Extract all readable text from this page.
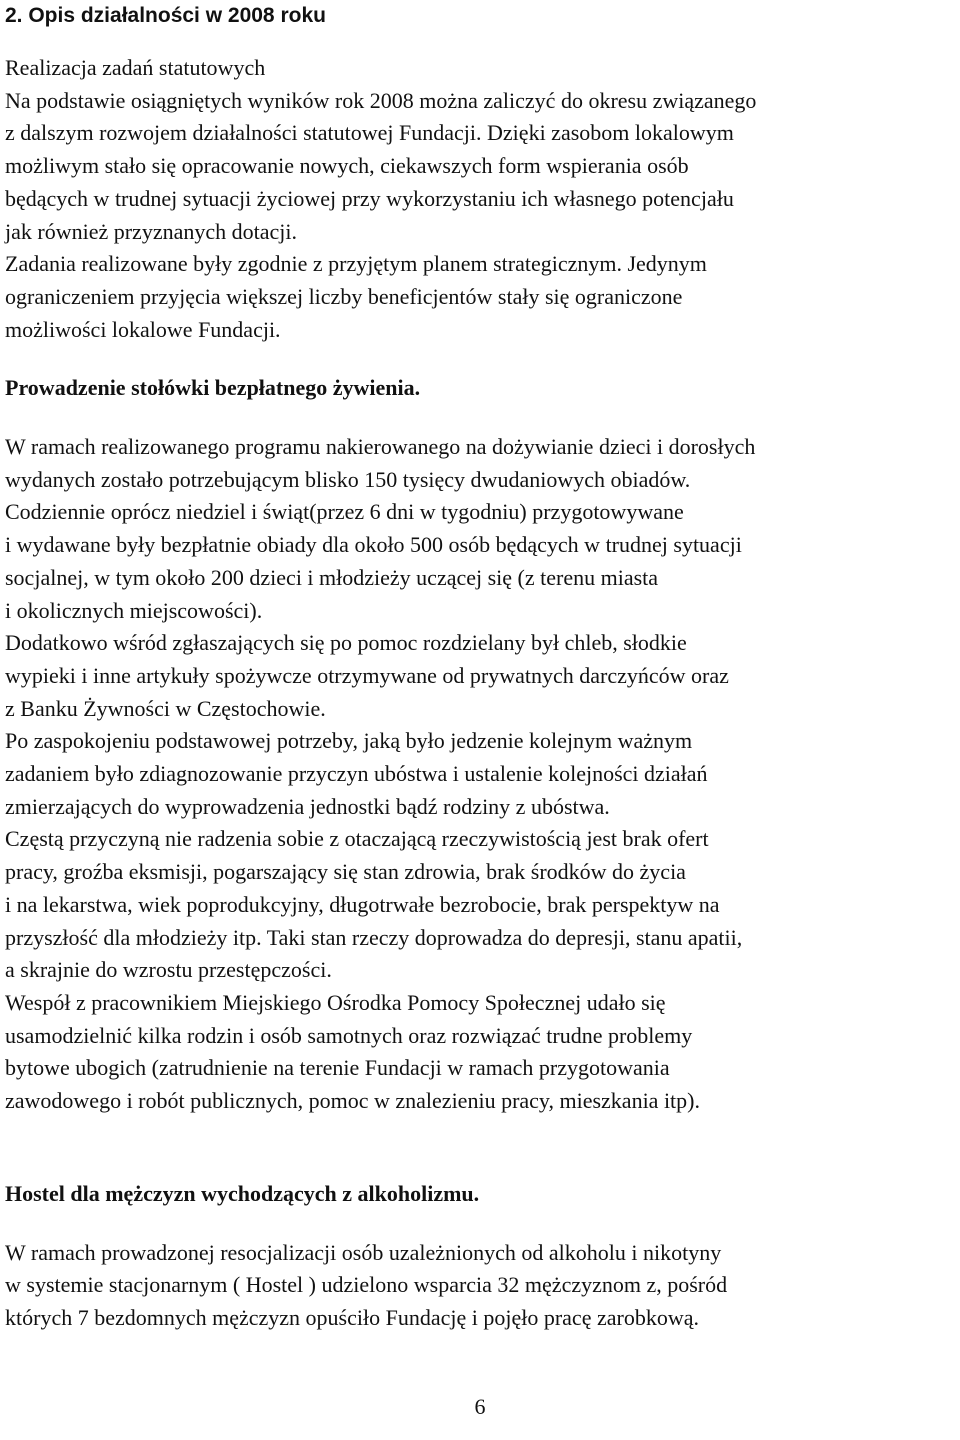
2. Opis działalności w 2008 roku
Realizacja zadań statutowych
Na podstawie osiągniętych wyników rok 2008 można zaliczyć do okresu związanego
z dalszym rozwojem działalności statutowej Fundacji. Dzięki zasobom lokalowym
możliwym stało się opracowanie nowych, ciekawszych form wspierania osób
będących w trudnej sytuacji życiowej przy wykorzystaniu ich własnego potencjału
jak również przyznanych dotacji.
Zadania realizowane były zgodnie z przyjętym planem strategicznym. Jedynym
ograniczeniem przyjęcia większej liczby beneficjentów stały się ograniczone
możliwości lokalowe Fundacji.
Prowadzenie stołówki bezpłatnego żywienia.
W ramach realizowanego programu nakierowanego na dożywianie dzieci i dorosłych
wydanych zostało potrzebującym blisko 150 tysięcy dwudaniowych obiadów.
Codziennie oprócz niedziel i świąt(przez 6 dni w tygodniu) przygotowywane
i wydawane były bezpłatnie obiady dla około 500 osób będących w trudnej sytuacji
socjalnej, w tym około 200 dzieci i młodzieży uczącej się (z terenu miasta
i okolicznych miejscowości).
Dodatkowo wśród zgłaszających się po pomoc rozdzielany był chleb, słodkie
wypieki i inne artykuły spożywcze otrzymywane od prywatnych darczyńców oraz
z Banku Żywności w Częstochowie.
Po zaspokojeniu podstawowej potrzeby, jaką było jedzenie kolejnym ważnym
zadaniem było zdiagnozowanie przyczyn ubóstwa i ustalenie kolejności działań
zmierzających do wyprowadzenia jednostki bądź rodziny z ubóstwa.
Częstą przyczyną nie radzenia sobie z otaczającą rzeczywistością jest brak ofert
pracy, groźba eksmisji, pogarszający się stan zdrowia, brak środków do życia
i na lekarstwa, wiek poprodukcyjny, długotrwałe bezrobocie, brak perspektyw na
przyszłość dla młodzieży itp. Taki stan rzeczy doprowadza do depresji, stanu apatii,
a skrajnie do wzrostu przestępczości.
Wespół z pracownikiem Miejskiego Ośrodka Pomocy Społecznej udało się
usamodzielnić kilka rodzin i osób samotnych oraz rozwiązać trudne problemy
bytowe ubogich (zatrudnienie na terenie Fundacji w ramach przygotowania
zawodowego i robót publicznych, pomoc w znalezieniu pracy, mieszkania itp).
Hostel dla mężczyzn wychodzących z alkoholizmu.
W ramach prowadzonej resocjalizacji osób uzależnionych od alkoholu i nikotyny
w systemie stacjonarnym ( Hostel ) udzielono wsparcia 32 mężczyznom z, pośród
których 7 bezdomnych mężczyzn opuściło Fundację i pojęło pracę zarobkową.
6
